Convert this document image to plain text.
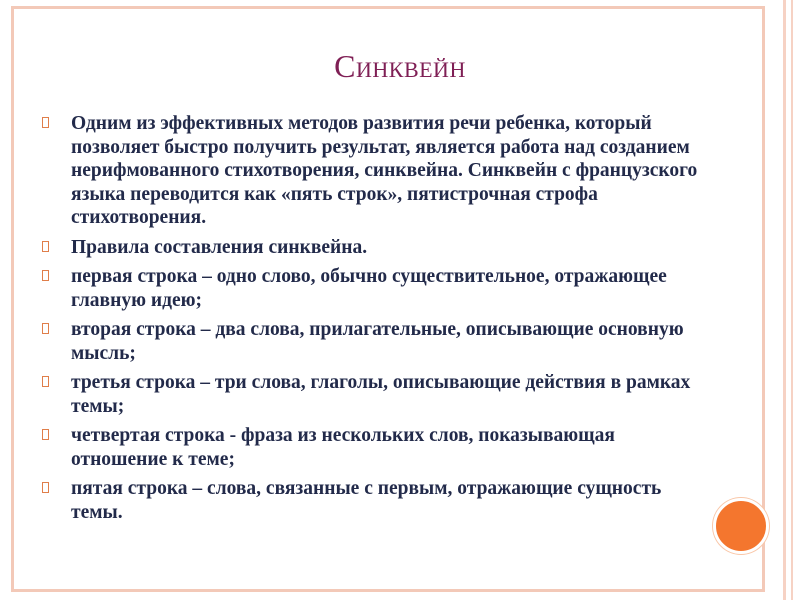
Синквейн
Одним из эффективных методов развития речи ребенка, который позволяет быстро получить результат, является работа над созданием нерифмованного стихотворения, синквейна. Синквейн с французского языка переводится как «пять строк», пятистрочная строфа стихотворения.
Правила составления синквейна.
первая строка – одно слово, обычно существительное, отражающее главную идею;
вторая строка – два слова, прилагательные, описывающие основную мысль;
третья строка – три слова, глаголы, описывающие действия в рамках темы;
четвертая строка - фраза из нескольких слов, показывающая отношение к теме;
пятая строка – слова, связанные с первым, отражающие сущность темы.
